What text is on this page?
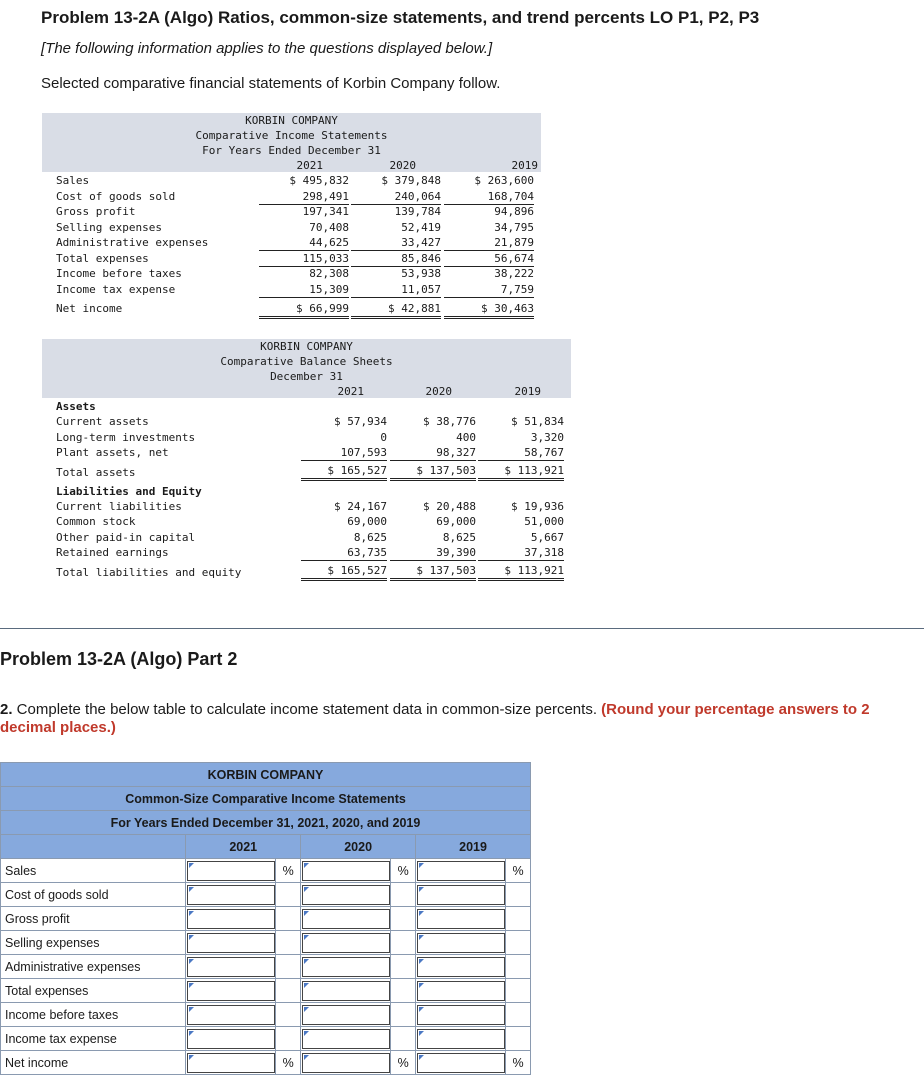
Problem 13-2A (Algo) Ratios, common-size statements, and trend percents LO P1, P2, P3
[The following information applies to the questions displayed below.]
Selected comparative financial statements of Korbin Company follow.
KORBIN COMPANY
Comparative Income Statements
For Years Ended December 31
2021	2020	2019
Sales	$ 495,832	$ 379,848	$ 263,600
Cost of goods sold	298,491	240,064	168,704
Gross profit	197,341	139,784	94,896
Selling expenses	70,408	52,419	34,795
Administrative expenses	44,625	33,427	21,879
Total expenses	115,033	85,846	56,674
Income before taxes	82,308	53,938	38,222
Income tax expense	15,309	11,057	7,759
Net income	$ 66,999	$ 42,881	$ 30,463
KORBIN COMPANY
Comparative Balance Sheets
December 31
2021	2020	2019
Assets
Current assets	$ 57,934	$ 38,776	$ 51,834
Long-term investments	0	400	3,320
Plant assets, net	107,593	98,327	58,767
Total assets	$ 165,527	$ 137,503	$ 113,921
Liabilities and Equity
Current liabilities	$ 24,167	$ 20,488	$ 19,936
Common stock	69,000	69,000	51,000
Other paid-in capital	8,625	8,625	5,667
Retained earnings	63,735	39,390	37,318
Total liabilities and equity	$ 165,527	$ 137,503	$ 113,921
Problem 13-2A (Algo) Part 2
2. Complete the below table to calculate income statement data in common-size percents. (Round your percentage answers to 2 decimal places.)
KORBIN COMPANY						
Common-Size Comparative Income Statements						
For Years Ended December 31, 2021, 2020, and 2019						
	2021		2020		2019	
Sales		%		%		%
Cost of goods sold	

Gross profit	

Selling expenses	

Administrative expenses	

Total expenses	

Income before taxes	

Income tax expense	

Net income		%		%		%
